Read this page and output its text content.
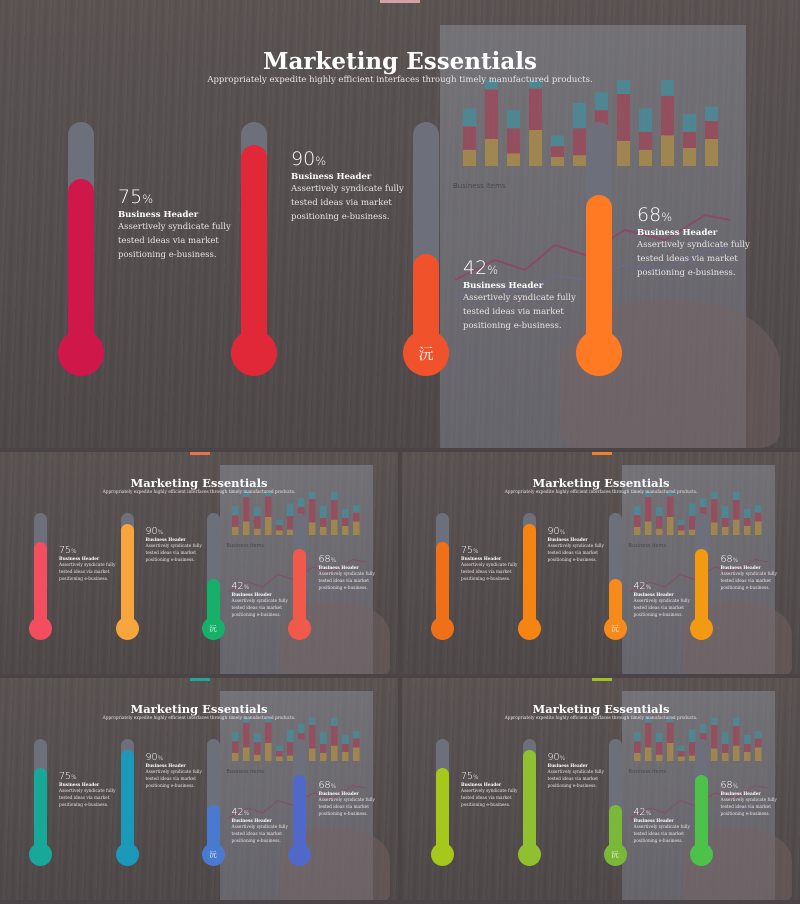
Business items
Marketing Essentials
Appropriately expedite highly efficient interfaces through timely manufactured products.
75%
Business Header
Assertively syndicate fully
tested ideas via market
positioning e-business.
90%
Business Header
Assertively syndicate fully
tested ideas via market
positioning e-business.
沅
42%
Business Header
Assertively syndicate fully
tested ideas via market
positioning e-business.
68%
Business Header
Assertively syndicate fully
tested ideas via market
positioning e-business.
Business items
Marketing Essentials
Appropriately expedite highly efficient interfaces through timely manufactured products.
75%
Business Header
Assertively syndicate fully
tested ideas via market
positioning e-business.
90%
Business Header
Assertively syndicate fully
tested ideas via market
positioning e-business.
沅
42%
Business Header
Assertively syndicate fully
tested ideas via market
positioning e-business.
68%
Business Header
Assertively syndicate fully
tested ideas via market
positioning e-business.
Business items
Marketing Essentials
Appropriately expedite highly efficient interfaces through timely manufactured products.
75%
Business Header
Assertively syndicate fully
tested ideas via market
positioning e-business.
90%
Business Header
Assertively syndicate fully
tested ideas via market
positioning e-business.
沅
42%
Business Header
Assertively syndicate fully
tested ideas via market
positioning e-business.
68%
Business Header
Assertively syndicate fully
tested ideas via market
positioning e-business.
Business items
Marketing Essentials
Appropriately expedite highly efficient interfaces through timely manufactured products.
75%
Business Header
Assertively syndicate fully
tested ideas via market
positioning e-business.
90%
Business Header
Assertively syndicate fully
tested ideas via market
positioning e-business.
沅
42%
Business Header
Assertively syndicate fully
tested ideas via market
positioning e-business.
68%
Business Header
Assertively syndicate fully
tested ideas via market
positioning e-business.
Business items
Marketing Essentials
Appropriately expedite highly efficient interfaces through timely manufactured products.
75%
Business Header
Assertively syndicate fully
tested ideas via market
positioning e-business.
90%
Business Header
Assertively syndicate fully
tested ideas via market
positioning e-business.
沅
42%
Business Header
Assertively syndicate fully
tested ideas via market
positioning e-business.
68%
Business Header
Assertively syndicate fully
tested ideas via market
positioning e-business.
